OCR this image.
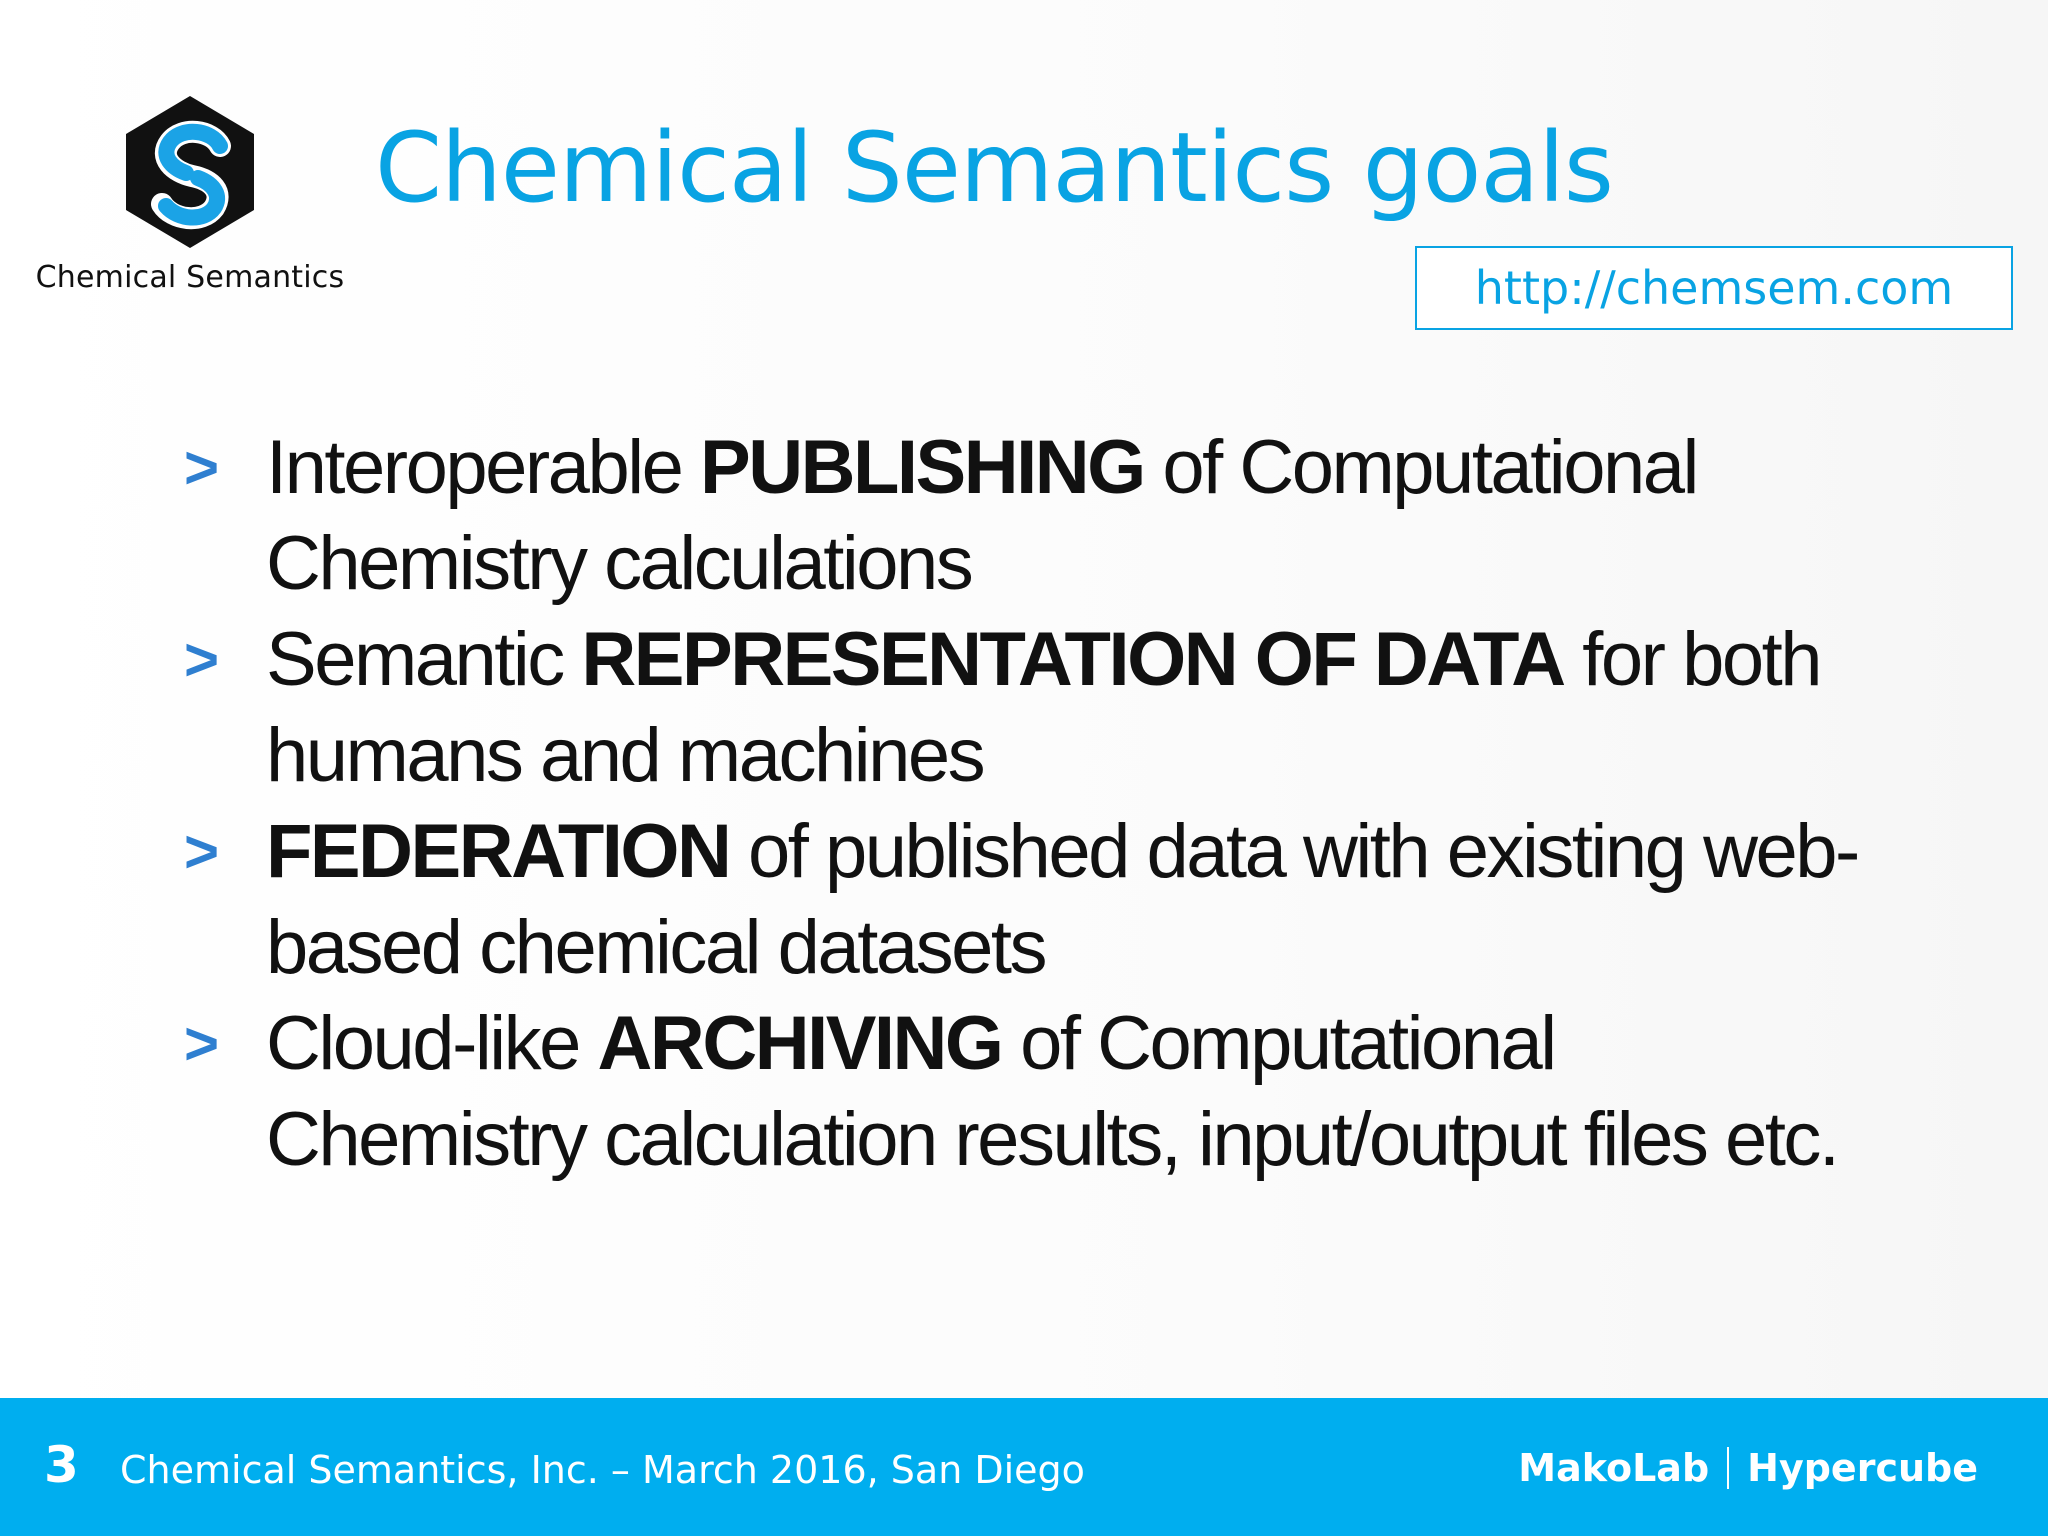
Chemical Semantics
Chemical Semantics goals
http://chemsem.com
> Interoperable PUBLISHING of Computational Chemistry calculations
> Semantic REPRESENTATION OF DATA for both humans and machines
> FEDERATION of published data with existing web-based chemical datasets
> Cloud-like ARCHIVING of Computational Chemistry calculation results, input/output files etc.
3 Chemical Semantics, Inc. – March 2016, San Diego	MakoLab Hypercube
